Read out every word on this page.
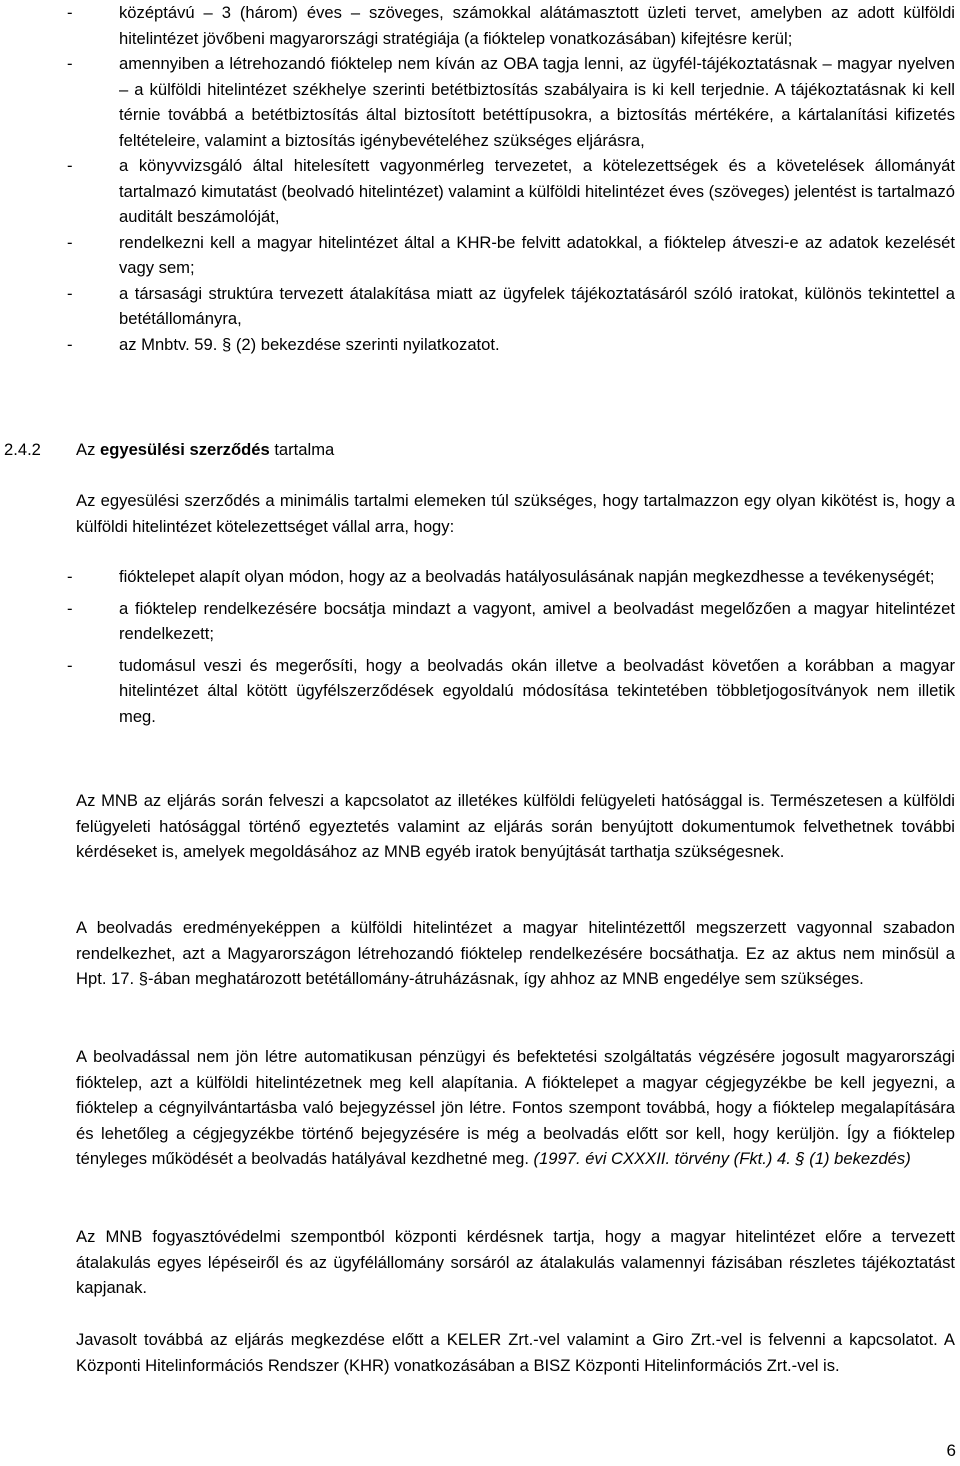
-	középtávú – 3 (három) éves – szöveges, számokkal alátámasztott üzleti tervet, amelyben az adott külföldi hitelintézet jövőbeni magyarországi stratégiája (a fióktelep vonatkozásában) kifejtésre kerül;

-	amennyiben a létrehozandó fióktelep nem kíván az OBA tagja lenni, az ügyfél-tájékoztatásnak – magyar nyelven – a külföldi hitelintézet székhelye szerinti betétbiztosítás szabályaira is ki kell terjednie. A tájékoztatásnak ki kell térnie továbbá a betétbiztosítás által biztosított betéttípusokra, a biztosítás mértékére, a kártalanítási kifizetés feltételeire, valamint a biztosítás igénybevételéhez szükséges eljárásra,

-	a könyvvizsgáló által hitelesített vagyonmérleg tervezetet, a kötelezettségek és a követelések állományát tartalmazó kimutatást (beolvadó hitelintézet) valamint a külföldi hitelintézet éves (szöveges) jelentést is tartalmazó auditált beszámolóját,

-	rendelkezni kell a magyar hitelintézet által a KHR-be felvitt adatokkal, a fióktelep átveszi-e az adatok kezelését vagy sem;

-	a társasági struktúra tervezett átalakítása miatt az ügyfelek tájékoztatásáról szóló iratokat, különös tekintettel a betétállományra,

-	az Mnbtv. 59. § (2) bekezdése szerinti nyilatkozatot.

2.4.2 Az egyesülési szerződés tartalma

Az egyesülési szerződés a minimális tartalmi elemeken túl szükséges, hogy tartalmazzon egy olyan kikötést is, hogy a külföldi hitelintézet kötelezettséget vállal arra, hogy:

-	fióktelepet alapít olyan módon, hogy az a beolvadás hatályosulásának napján megkezdhesse a tevékenységét;

-	a fióktelep rendelkezésére bocsátja mindazt a vagyont, amivel a beolvadást megelőzően a magyar hitelintézet rendelkezett;

-	tudomásul veszi és megerősíti, hogy a beolvadás okán illetve a beolvadást követően a korábban a magyar hitelintézet által kötött ügyfélszerződések egyoldalú módosítása tekintetében többletjogosítványok nem illetik meg.

Az MNB az eljárás során felveszi a kapcsolatot az illetékes külföldi felügyeleti hatósággal is. Természetesen a külföldi felügyeleti hatósággal történő egyeztetés valamint az eljárás során benyújtott dokumentumok felvethetnek további kérdéseket is, amelyek megoldásához az MNB egyéb iratok benyújtását tarthatja szükségesnek.

A beolvadás eredményeképpen a külföldi hitelintézet a magyar hitelintézettől megszerzett vagyonnal szabadon rendelkezhet, azt a Magyarországon létrehozandó fióktelep rendelkezésére bocsáthatja. Ez az aktus nem minősül a Hpt. 17. §-ában meghatározott betétállomány-átruházásnak, így ahhoz az MNB engedélye sem szükséges.

A beolvadással nem jön létre automatikusan pénzügyi és befektetési szolgáltatás végzésére jogosult magyarországi fióktelep, azt a külföldi hitelintézetnek meg kell alapítania. A fióktelepet a magyar cégjegyzékbe be kell jegyezni, a fióktelep a cégnyilvántartásba való bejegyzéssel jön létre. Fontos szempont továbbá, hogy a fióktelep megalapítására és lehetőleg a cégjegyzékbe történő bejegyzésére is még a beolvadás előtt sor kell, hogy kerüljön. Így a fióktelep tényleges működését a beolvadás hatályával kezdhetné meg. (1997. évi CXXXII. törvény (Fkt.) 4. § (1) bekezdés)

Az MNB fogyasztóvédelmi szempontból központi kérdésnek tartja, hogy a magyar hitelintézet előre a tervezett átalakulás egyes lépéseiről és az ügyfélállomány sorsáról az átalakulás valamennyi fázisában részletes tájékoztatást kapjanak.

Javasolt továbbá az eljárás megkezdése előtt a KELER Zrt.-vel valamint a Giro Zrt.-vel is felvenni a kapcsolatot. A Központi Hitelinformációs Rendszer (KHR) vonatkozásában a BISZ Központi Hitelinformációs Zrt.-vel is.

6
